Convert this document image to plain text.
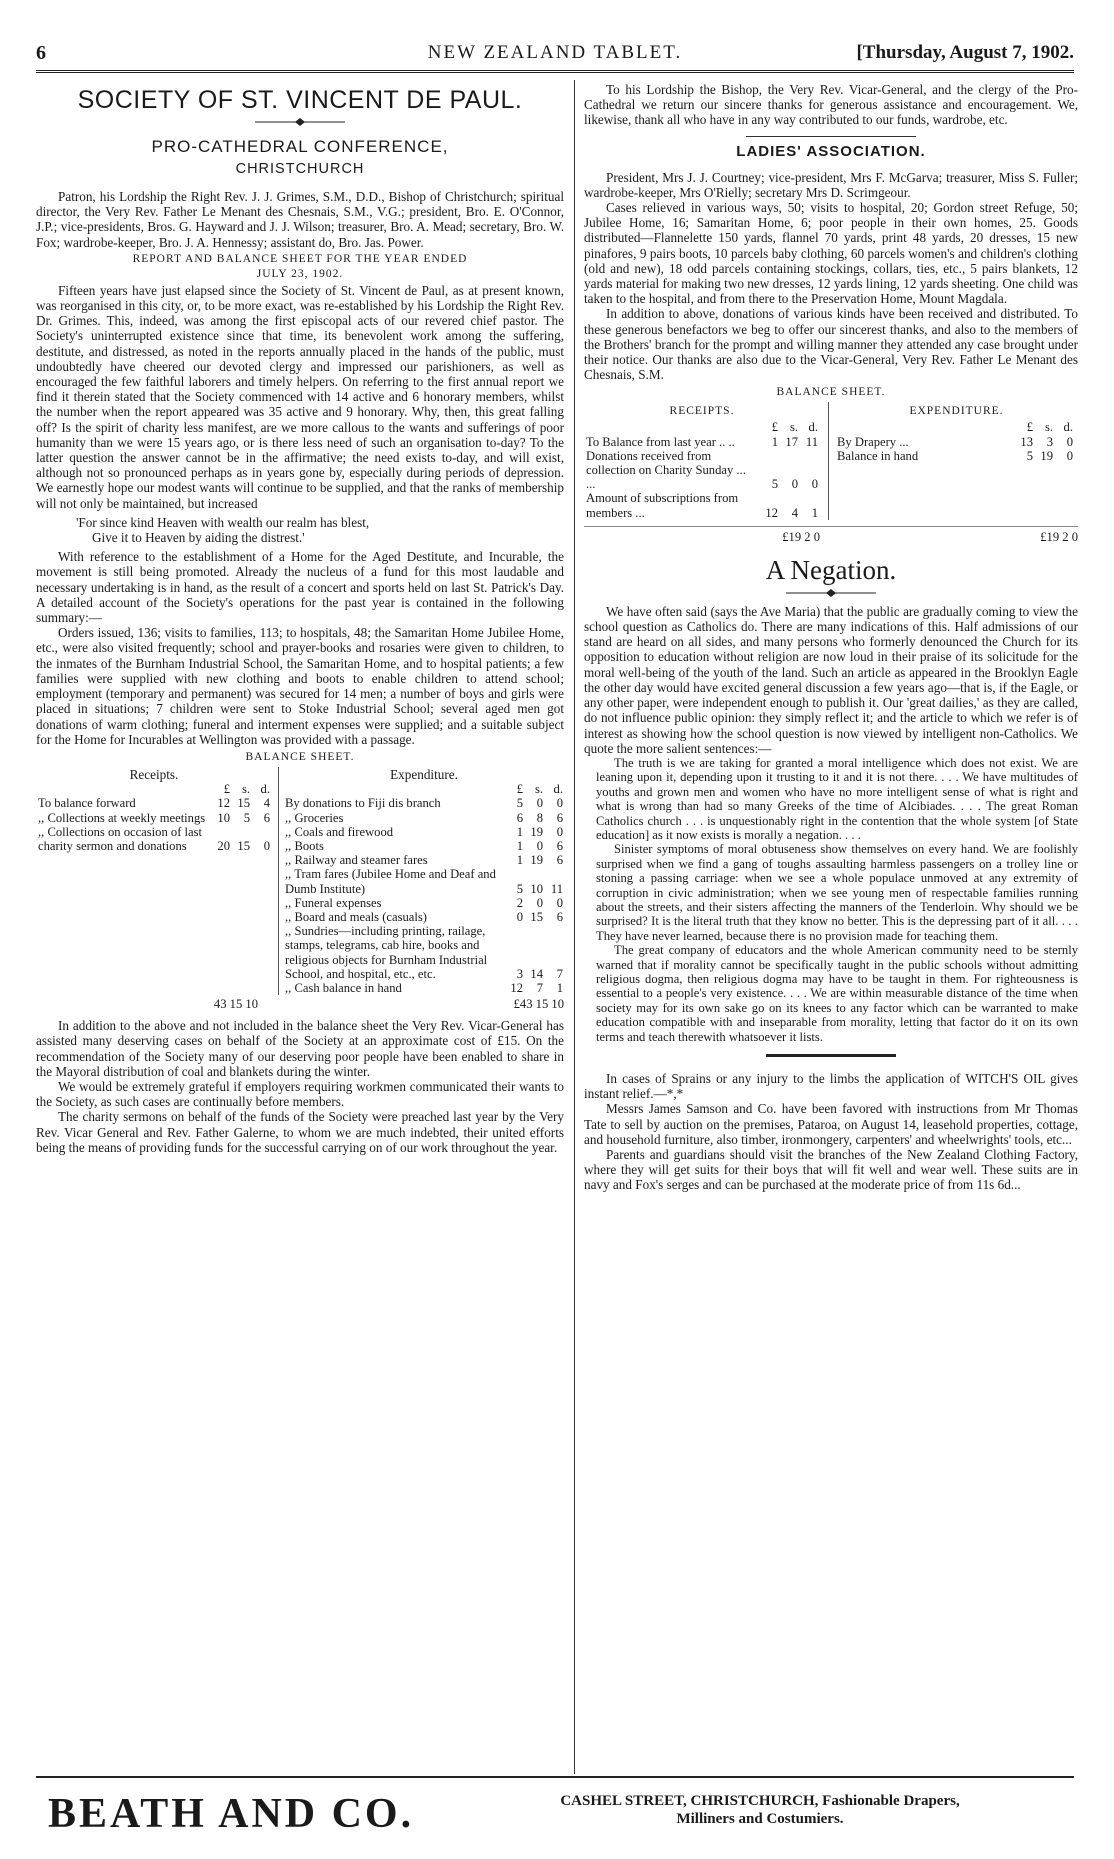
6	NEW ZEALAND TABLET.	[Thursday, August 7, 1902.
SOCIETY OF ST. VINCENT DE PAUL.
PRO-CATHEDRAL CONFERENCE,
CHRISTCHURCH

Patron, his Lordship the Right Rev. J. J. Grimes, S.M., D.D., Bishop of Christchurch; spiritual director, the Very Rev. Father Le Menant des Chesnais, S.M., V.G.; president, Bro. E. O'Connor, J.P.; vice-presidents, Bros. G. Hayward and J. J. Wilson; treasurer, Bro. A. Mead; secretary, Bro. W. Fox; wardrobe-keeper, Bro. J. A. Hennessy; assistant do, Bro. Jas. Power.

REPORT AND BALANCE SHEET FOR THE YEAR ENDED
JULY 23, 1902.

Fifteen years have just elapsed since the Society of St. Vincent de Paul, as at present known, was reorganised in this city, or, to be more exact, was re-established by his Lordship the Right Rev. Dr. Grimes. This, indeed, was among the first episcopal acts of our revered chief pastor. The Society's uninterrupted existence since that time, its benevolent work among the suffering, destitute, and distressed, as noted in the reports annually placed in the hands of the public, must undoubtedly have cheered our devoted clergy and impressed our parishioners, as well as encouraged the few faithful laborers and timely helpers. On referring to the first annual report we find it therein stated that the Society commenced with 14 active and 6 honorary members, whilst the number when the report appeared was 35 active and 9 honorary. Why, then, this great falling off? Is the spirit of charity less manifest, are we more callous to the wants and sufferings of poor humanity than we were 15 years ago, or is there less need of such an organisation to-day? To the latter question the answer cannot be in the affirmative; the need exists to-day, and will exist, although not so pronounced perhaps as in years gone by, especially during periods of depression. We earnestly hope our modest wants will continue to be supplied, and that the ranks of membership will not only be maintained, but increased

'For since kind Heaven with wealth our realm has blest,
Give it to Heaven by aiding the distrest.'

With reference to the establishment of a Home for the Aged Destitute, and Incurable, the movement is still being promoted. Already the nucleus of a fund for this most laudable and necessary undertaking is in hand, as the result of a concert and sports held on last St. Patrick's Day. A detailed account of the Society's operations for the past year is contained in the following summary:—

Orders issued, 136; visits to families, 113; to hospitals, 48; the Samaritan Home Jubilee Home, etc., were also visited frequently; school and prayer-books and rosaries were given to children, to the inmates of the Burnham Industrial School, the Samaritan Home, and to hospital patients; a few families were supplied with new clothing and boots to enable children to attend school; employment (temporary and permanent) was secured for 14 men; a number of boys and girls were placed in situations; 7 children were sent to Stoke Industrial School; several aged men got donations of warm clothing; funeral and interment expenses were supplied; and a suitable subject for the Home for Incurables at Wellington was provided with a passage.

BALANCE SHEET.
Receipts.
	£	s.	d.
To balance forward	12	15	4
,, Collections at weekly meetings	10	5	6
,, Collections on occasion of last charity sermon and donations	20	15	0
Expenditure.
	£	s.	d.
By donations to Fiji dis branch	5	0	0
,, Groceries	6	8	6
,, Coals and firewood	1	19	0
,, Boots	1	0	6
,, Railway and steamer fares	1	19	6
,, Tram fares (Jubilee Home and Deaf and Dumb Institute)	5	10	11
,, Funeral expenses	2	0	0
,, Board and meals (casuals)	0	15	6
,, Sundries—including printing, railage, stamps, telegrams, cab hire, books and religious objects for Burnham Industrial School, and hospital, etc., etc.	3	14	7
,, Cash balance in hand	12	7	1
43 15 10	£43 15 10

In addition to the above and not included in the balance sheet the Very Rev. Vicar-General has assisted many deserving cases on behalf of the Society at an approximate cost of £15. On the recommendation of the Society many of our deserving poor people have been enabled to share in the Mayoral distribution of coal and blankets during the winter.

We would be extremely grateful if employers requiring workmen communicated their wants to the Society, as such cases are continually before members.

The charity sermons on behalf of the funds of the Society were preached last year by the Very Rev. Vicar General and Rev. Father Galerne, to whom we are much indebted, their united efforts being the means of providing funds for the successful carrying on of our work throughout the year.

To his Lordship the Bishop, the Very Rev. Vicar-General, and the clergy of the Pro-Cathedral we return our sincere thanks for generous assistance and encouragement. We, likewise, thank all who have in any way contributed to our funds, wardrobe, etc.

LADIES' ASSOCIATION.

President, Mrs J. J. Courtney; vice-president, Mrs F. McGarva; treasurer, Miss S. Fuller; wardrobe-keeper, Mrs O'Rielly; secretary Mrs D. Scrimgeour.

Cases relieved in various ways, 50; visits to hospital, 20; Gordon street Refuge, 50; Jubilee Home, 16; Samaritan Home, 6; poor people in their own homes, 25. Goods distributed—Flannelette 150 yards, flannel 70 yards, print 48 yards, 20 dresses, 15 new pinafores, 9 pairs boots, 10 parcels baby clothing, 60 parcels women's and children's clothing (old and new), 18 odd parcels containing stockings, collars, ties, etc., 5 pairs blankets, 12 yards material for making two new dresses, 12 yards lining, 12 yards sheeting. One child was taken to the hospital, and from there to the Preservation Home, Mount Magdala.

In addition to above, donations of various kinds have been received and distributed. To these generous benefactors we beg to offer our sincerest thanks, and also to the members of the Brothers' branch for the prompt and willing manner they attended any case brought under their notice. Our thanks are also due to the Vicar-General, Very Rev. Father Le Menant des Chesnais, S.M.

BALANCE SHEET.
RECEIPTS.
	£	s.	d.
To Balance from last year .. ..	1	17	11
Donations received from collection on Charity Sunday ... ...	5	0	0
Amount of subscriptions from members ...	12	4	1
EXPENDITURE.
	£	s.	d.
By Drapery ...	13	3	0
Balance in hand	5	19	0
£19 2 0	£19 2 0
A Negation.

We have often said (says the Ave Maria) that the public are gradually coming to view the school question as Catholics do. There are many indications of this. Half admissions of our stand are heard on all sides, and many persons who formerly denounced the Church for its opposition to education without religion are now loud in their praise of its solicitude for the moral well-being of the youth of the land. Such an article as appeared in the Brooklyn Eagle the other day would have excited general discussion a few years ago—that is, if the Eagle, or any other paper, were independent enough to publish it. Our 'great dailies,' as they are called, do not influence public opinion: they simply reflect it; and the article to which we refer is of interest as showing how the school question is now viewed by intelligent non-Catholics. We quote the more salient sentences:—

The truth is we are taking for granted a moral intelligence which does not exist. We are leaning upon it, depending upon it trusting to it and it is not there. . . . We have multitudes of youths and grown men and women who have no more intelligent sense of what is right and what is wrong than had so many Greeks of the time of Alcibiades. . . . The great Roman Catholics church . . . is unquestionably right in the contention that the whole system [of State education] as it now exists is morally a negation. . . .

Sinister symptoms of moral obtuseness show themselves on every hand. We are foolishly surprised when we find a gang of toughs assaulting harmless passengers on a trolley line or stoning a passing carriage: when we see a whole populace unmoved at any extremity of corruption in civic administration; when we see young men of respectable families running about the streets, and their sisters affecting the manners of the Tenderloin. Why should we be surprised? It is the literal truth that they know no better. This is the depressing part of it all. . . . They have never learned, because there is no provision made for teaching them.

The great company of educators and the whole American community need to be sternly warned that if morality cannot be specifically taught in the public schools without admitting religious dogma, then religious dogma may have to be taught in them. For righteousness is essential to a people's very existence. . . . We are within measurable distance of the time when society may for its own sake go on its knees to any factor which can be warranted to make education compatible with and inseparable from morality, letting that factor do it on its own terms and teach therewith whatsoever it lists.

In cases of Sprains or any injury to the limbs the application of WITCH'S OIL gives instant relief.—*,*

Messrs James Samson and Co. have been favored with instructions from Mr Thomas Tate to sell by auction on the premises, Pataroa, on August 14, leasehold properties, cottage, and household furniture, also timber, ironmongery, carpenters' and wheelwrights' tools, etc...

Parents and guardians should visit the branches of the New Zealand Clothing Factory, where they will get suits for their boys that will fit well and wear well. These suits are in navy and Fox's serges and can be purchased at the moderate price of from 11s 6d...

BEATH AND CO.	CASHEL STREET, CHRISTCHURCH, Fashionable Drapers,
Milliners and Costumiers.
